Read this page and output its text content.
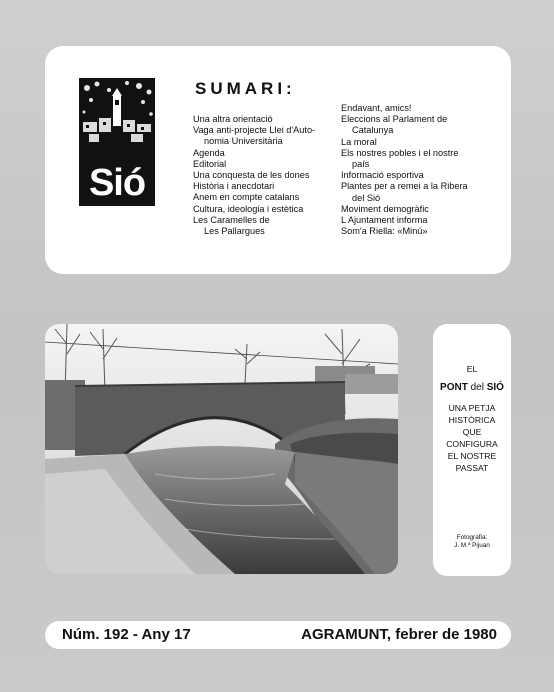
Sió
SUMARI:
Una altra orientació
Vaga anti-projecte Llei d'Auto-
nomia Universitària
Agenda
Editorial
Una conquesta de les dones
Història i anecdotari
Anem en compte catalans
Cultura, ideologia i estètica
Les Caramelles de
Les Pallargues
Endavant, amics!
Eleccions al Parlament de
Catalunya
La moral
Els nostres pobles i el nostre
país
Informació esportiva
Plantes per a remei a la Ribera
del Sió
Moviment demogràfic
L Ajuntament informa
Som'a Riella: «Minú»
EL
PONT del SIÓ
UNA PETJA
HISTÒRICA
QUE
CONFIGURA
EL NOSTRE
PASSAT
Fotografia:
J. M.ª Pijuan
Núm. 192 - Any 17	AGRAMUNT, febrer de 1980
